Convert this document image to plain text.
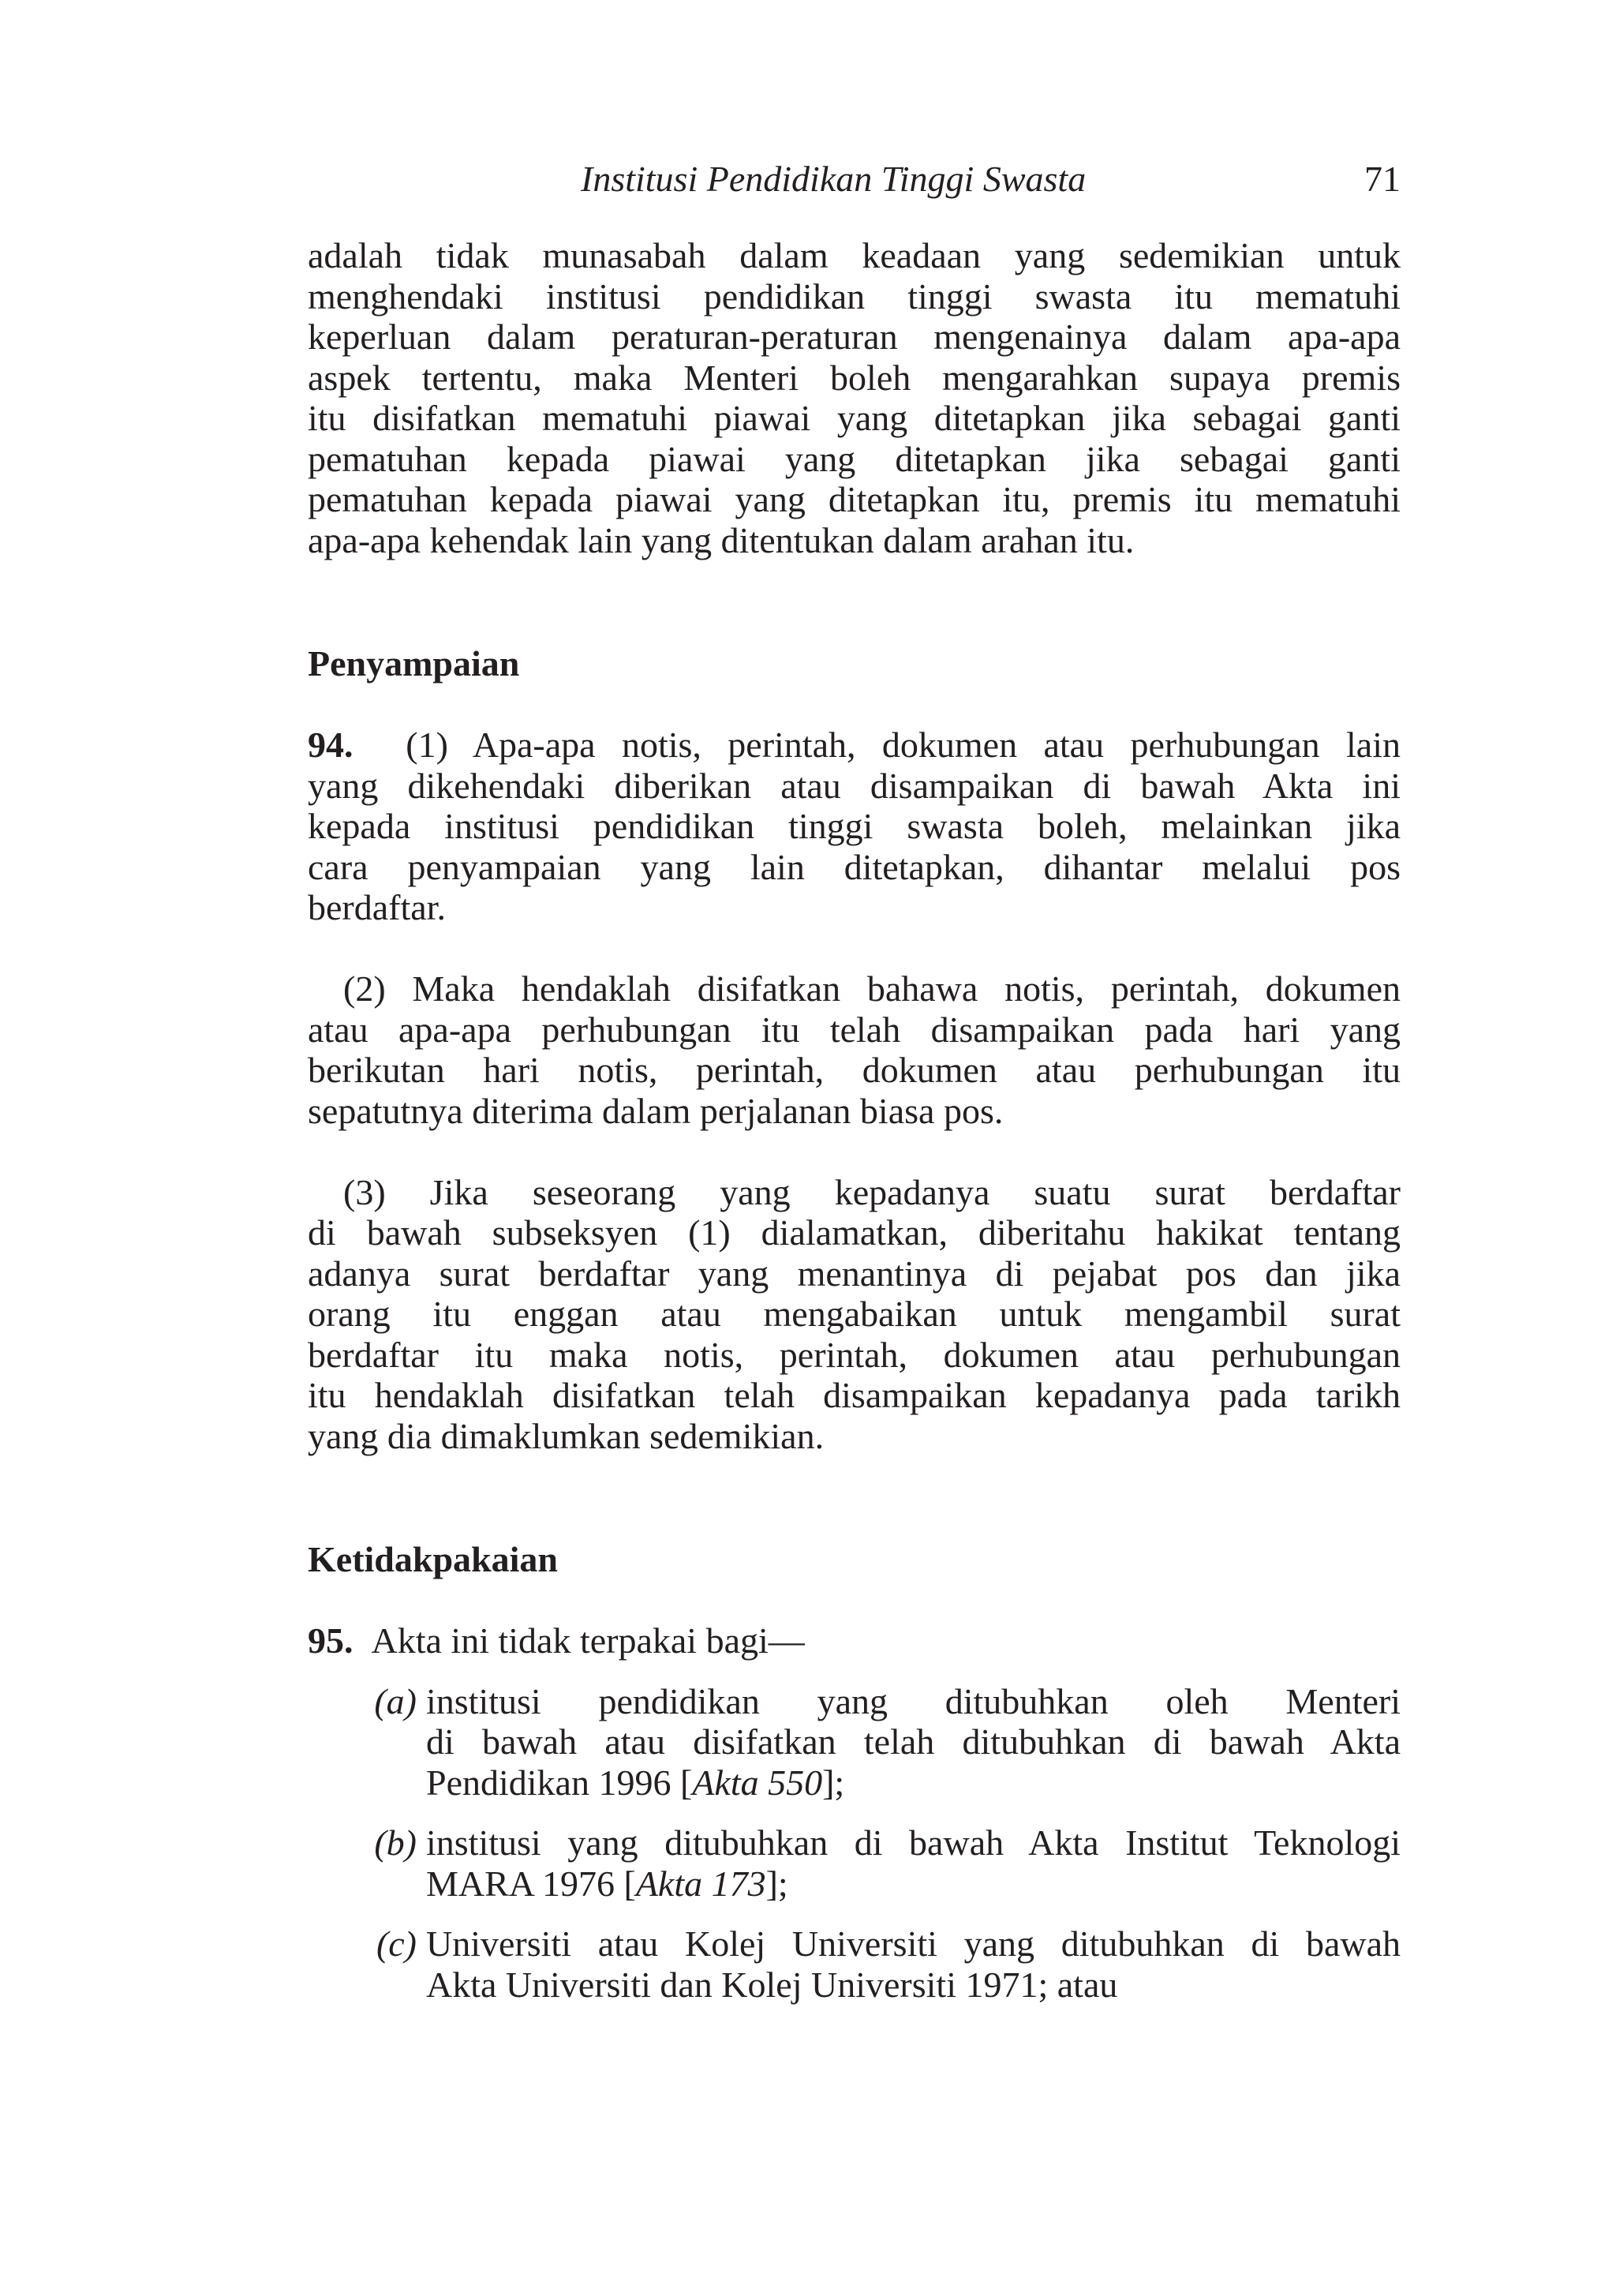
Institusi Pendidikan Tinggi Swasta	71

adalah tidak munasabah dalam keadaan yang sedemikian untuk

menghendaki institusi pendidikan tinggi swasta itu mematuhi

keperluan dalam peraturan-peraturan mengenainya dalam apa-apa

aspek tertentu, maka Menteri boleh mengarahkan supaya premis

itu disifatkan mematuhi piawai yang ditetapkan jika sebagai ganti

pematuhan kepada piawai yang ditetapkan jika sebagai ganti

pematuhan kepada piawai yang ditetapkan itu, premis itu mematuhi

apa-apa kehendak lain yang ditentukan dalam arahan itu.

Penyampaian

94. (1) Apa-apa notis, perintah, dokumen atau perhubungan lain

yang dikehendaki diberikan atau disampaikan di bawah Akta ini

kepada institusi pendidikan tinggi swasta boleh, melainkan jika

cara penyampaian yang lain ditetapkan, dihantar melalui pos

berdaftar.

(2) Maka hendaklah disifatkan bahawa notis, perintah, dokumen

atau apa-apa perhubungan itu telah disampaikan pada hari yang

berikutan hari notis, perintah, dokumen atau perhubungan itu

sepatutnya diterima dalam perjalanan biasa pos.

(3) Jika seseorang yang kepadanya suatu surat berdaftar

di bawah subseksyen (1) dialamatkan, diberitahu hakikat tentang

adanya surat berdaftar yang menantinya di pejabat pos dan jika

orang itu enggan atau mengabaikan untuk mengambil surat

berdaftar itu maka notis, perintah, dokumen atau perhubungan

itu hendaklah disifatkan telah disampaikan kepadanya pada tarikh

yang dia dimaklumkan sedemikian.

Ketidakpakaian

95. Akta ini tidak terpakai bagi—

(a) institusi pendidikan yang ditubuhkan oleh Menteri

di bawah atau disifatkan telah ditubuhkan di bawah Akta

Pendidikan 1996 [Akta 550];

(b) institusi yang ditubuhkan di bawah Akta Institut Teknologi

MARA 1976 [Akta 173];

(c) Universiti atau Kolej Universiti yang ditubuhkan di bawah

Akta Universiti dan Kolej Universiti 1971; atau
